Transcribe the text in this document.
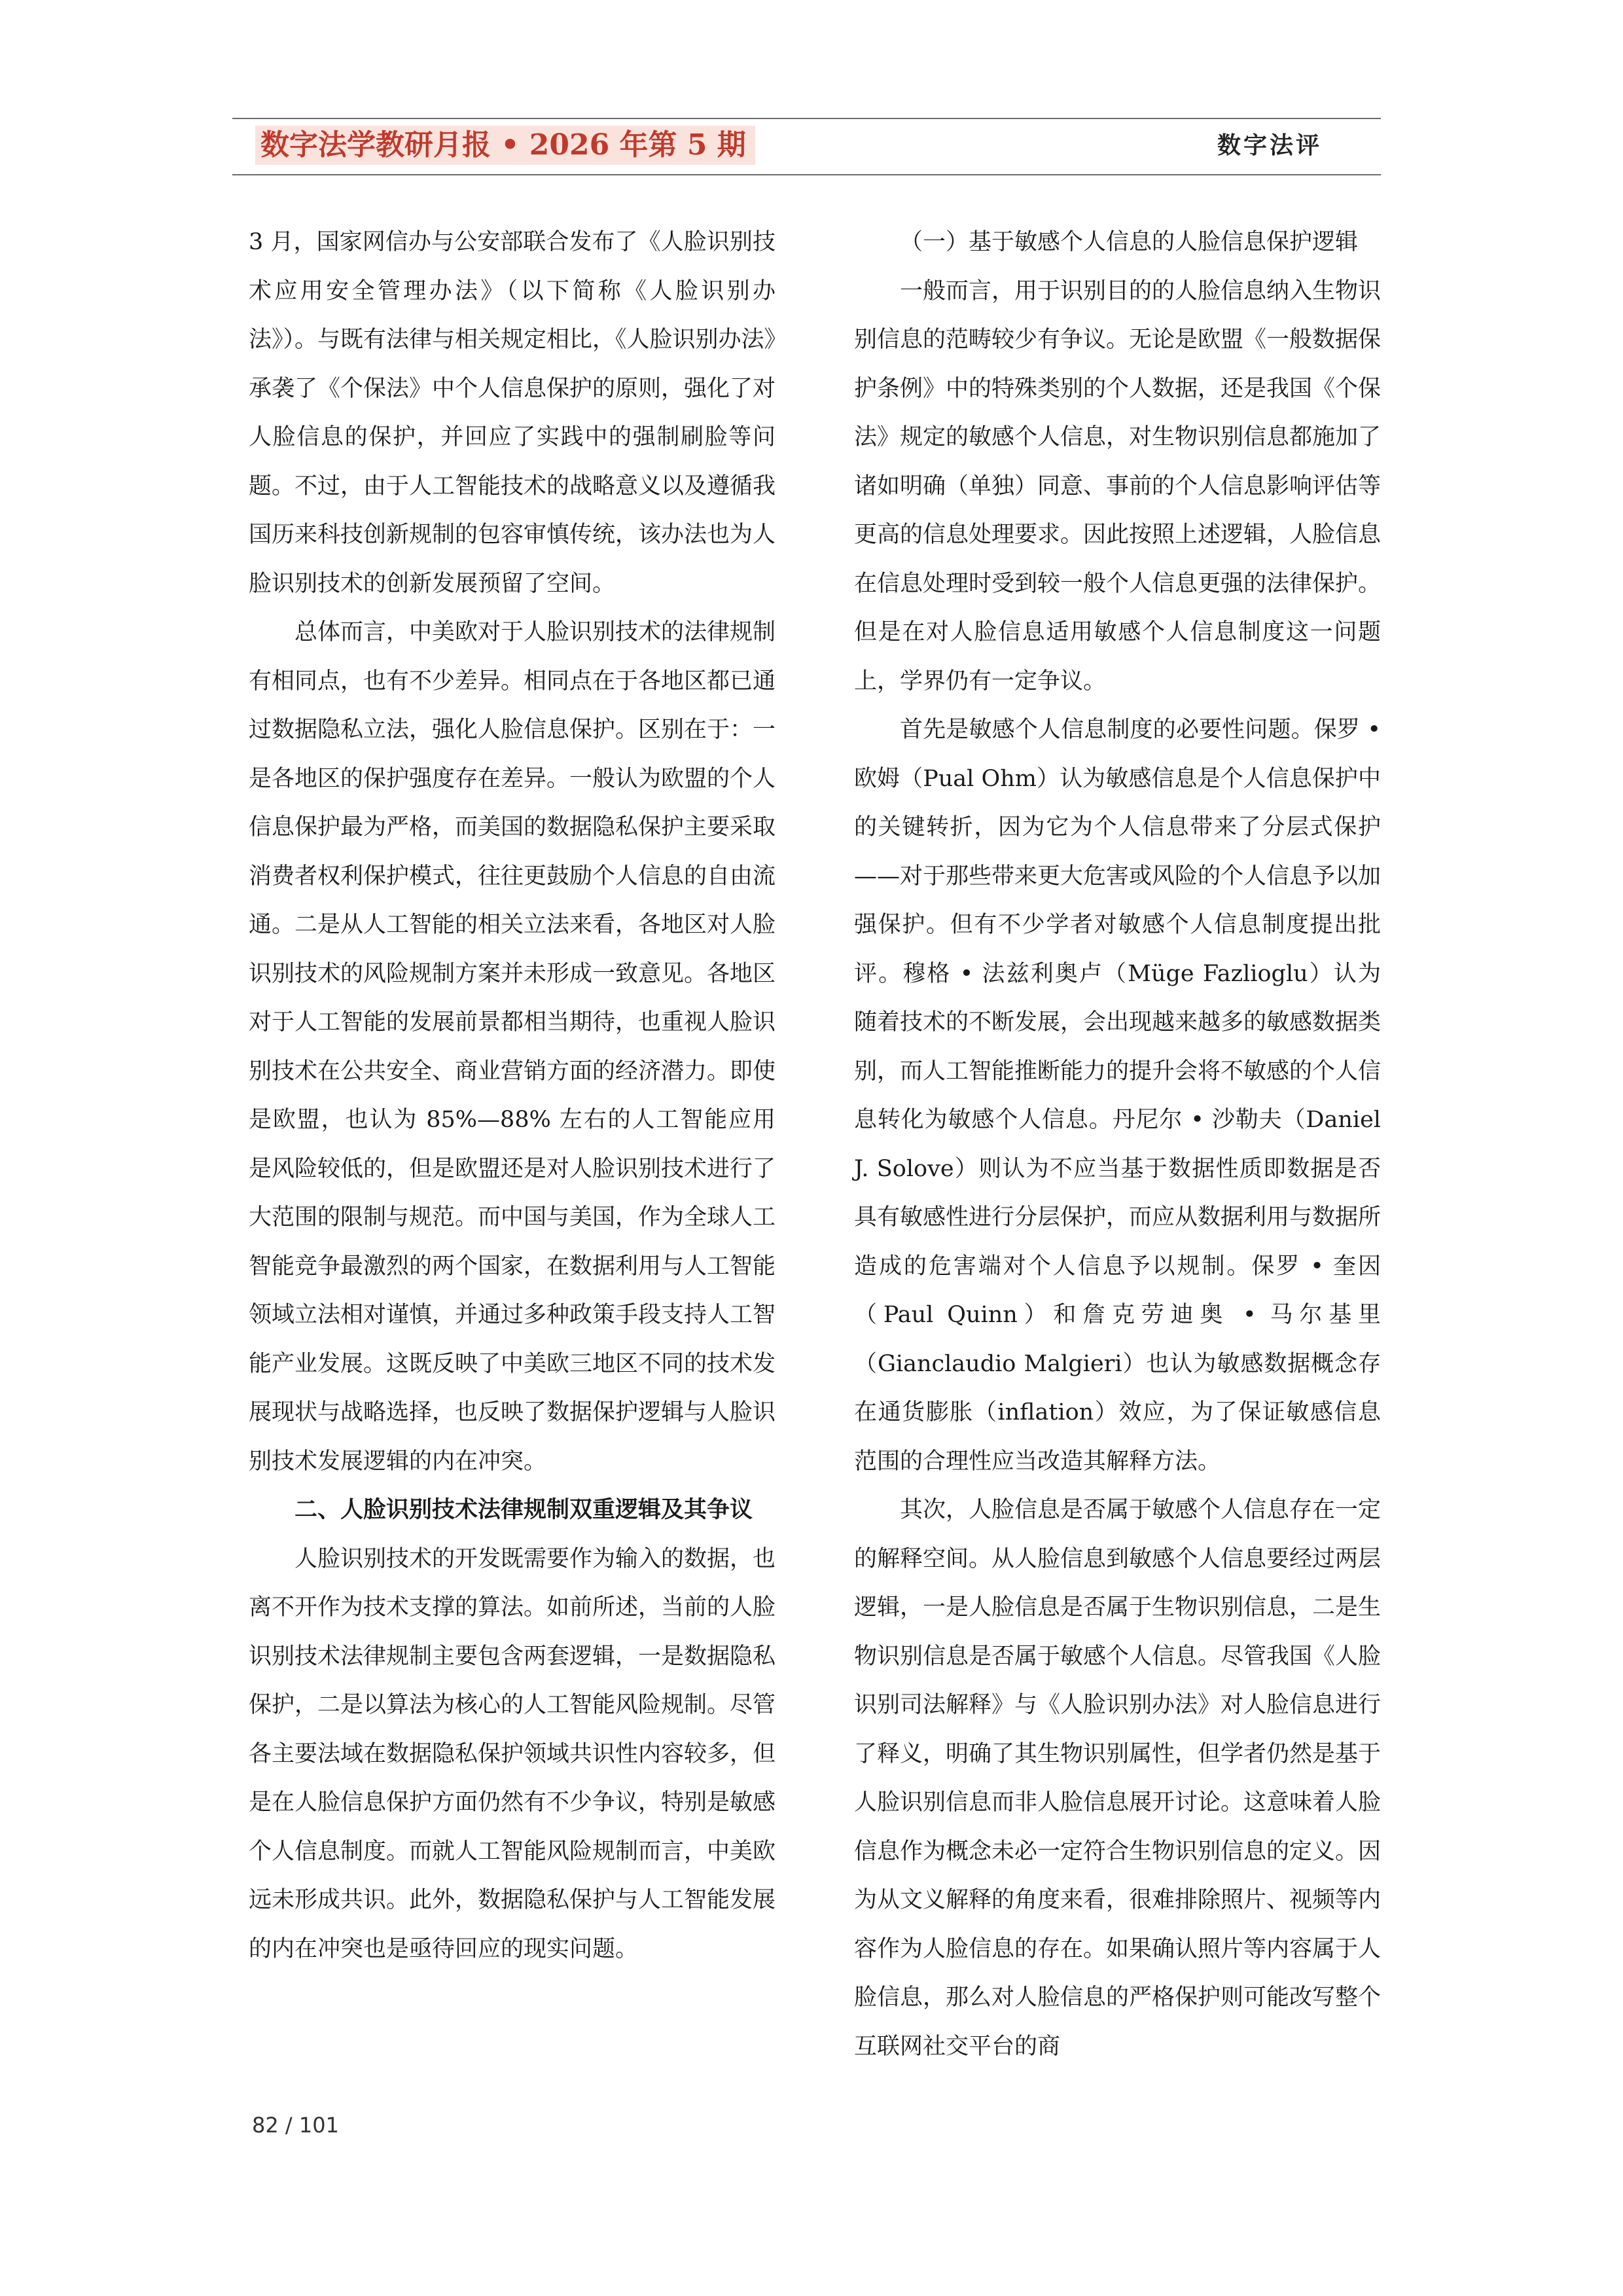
数字法学教研月报 • 2026 年第 5 期	数字法评

3 月，国家网信办与公安部联合发布了《人脸识别技术应用安全管理办法》（以下简称《人脸识别办法》）。与既有法律与相关规定相比，《人脸识别办法》承袭了《个保法》中个人信息保护的原则，强化了对人脸信息的保护，并回应了实践中的强制刷脸等问题。不过，由于人工智能技术的战略意义以及遵循我国历来科技创新规制的包容审慎传统，该办法也为人脸识别技术的创新发展预留了空间。

总体而言，中美欧对于人脸识别技术的法律规制有相同点，也有不少差异。相同点在于各地区都已通过数据隐私立法，强化人脸信息保护。区别在于：一是各地区的保护强度存在差异。一般认为欧盟的个人信息保护最为严格，而美国的数据隐私保护主要采取消费者权利保护模式，往往更鼓励个人信息的自由流通。二是从人工智能的相关立法来看，各地区对人脸识别技术的风险规制方案并未形成一致意见。各地区对于人工智能的发展前景都相当期待，也重视人脸识别技术在公共安全、商业营销方面的经济潜力。即使是欧盟，也认为 85%—88% 左右的人工智能应用是风险较低的，但是欧盟还是对人脸识别技术进行了大范围的限制与规范。而中国与美国，作为全球人工智能竞争最激烈的两个国家，在数据利用与人工智能领域立法相对谨慎，并通过多种政策手段支持人工智能产业发展。这既反映了中美欧三地区不同的技术发展现状与战略选择，也反映了数据保护逻辑与人脸识别技术发展逻辑的内在冲突。

二、人脸识别技术法律规制双重逻辑及其争议

人脸识别技术的开发既需要作为输入的数据，也离不开作为技术支撑的算法。如前所述，当前的人脸识别技术法律规制主要包含两套逻辑，一是数据隐私保护，二是以算法为核心的人工智能风险规制。尽管各主要法域在数据隐私保护领域共识性内容较多，但是在人脸信息保护方面仍然有不少争议，特别是敏感个人信息制度。而就人工智能风险规制而言，中美欧远未形成共识。此外，数据隐私保护与人工智能发展的内在冲突也是亟待回应的现实问题。

（一）基于敏感个人信息的人脸信息保护逻辑

一般而言，用于识别目的的人脸信息纳入生物识别信息的范畴较少有争议。无论是欧盟《一般数据保护条例》中的特殊类别的个人数据，还是我国《个保法》规定的敏感个人信息，对生物识别信息都施加了诸如明确（单独）同意、事前的个人信息影响评估等更高的信息处理要求。因此按照上述逻辑，人脸信息在信息处理时受到较一般个人信息更强的法律保护。但是在对人脸信息适用敏感个人信息制度这一问题上，学界仍有一定争议。

首先是敏感个人信息制度的必要性问题。保罗 • 欧姆（Pual Ohm）认为敏感信息是个人信息保护中的关键转折，因为它为个人信息带来了分层式保护——对于那些带来更大危害或风险的个人信息予以加强保护。但有不少学者对敏感个人信息制度提出批评。穆格 • 法兹利奥卢（Müge Fazlioglu）认为随着技术的不断发展，会出现越来越多的敏感数据类别，而人工智能推断能力的提升会将不敏感的个人信息转化为敏感个人信息。丹尼尔 • 沙勒夫（Daniel J. Solove）则认为不应当基于数据性质即数据是否具有敏感性进行分层保护，而应从数据利用与数据所造成的危害端对个人信息予以规制。保罗 • 奎因（Paul Quinn）和詹克劳迪奥 • 马尔基里（Gianclaudio Malgieri）也认为敏感数据概念存在通货膨胀（inflation）效应，为了保证敏感信息范围的合理性应当改造其解释方法。

其次，人脸信息是否属于敏感个人信息存在一定的解释空间。从人脸信息到敏感个人信息要经过两层逻辑，一是人脸信息是否属于生物识别信息，二是生物识别信息是否属于敏感个人信息。尽管我国《人脸识别司法解释》与《人脸识别办法》对人脸信息进行了释义，明确了其生物识别属性，但学者仍然是基于人脸识别信息而非人脸信息展开讨论。这意味着人脸信息作为概念未必一定符合生物识别信息的定义。因为从文义解释的角度来看，很难排除照片、视频等内容作为人脸信息的存在。如果确认照片等内容属于人脸信息，那么对人脸信息的严格保护则可能改写整个互联网社交平台的商

82 / 101
